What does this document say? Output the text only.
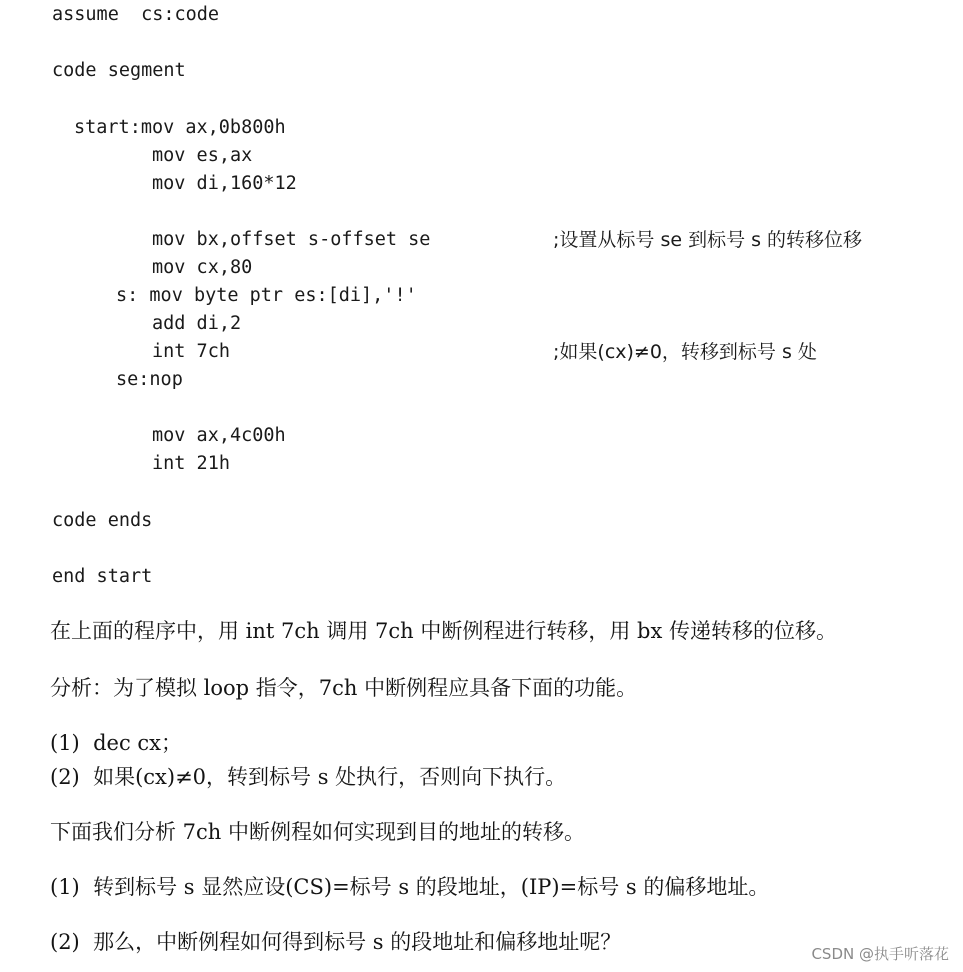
assume  cs:code
code segment
start:mov ax,0b800h
mov es,ax
mov di,160*12
mov bx,offset s-offset se	;设置从标号 se 到标号 s 的转移位移
mov cx,80
s: mov byte ptr es:[di],'!'
add di,2
int 7ch	;如果(cx)≠0，转移到标号 s 处
se:nop
mov ax,4c00h
int 21h
code ends
end start
在上面的程序中，用 int 7ch 调用 7ch 中断例程进行转移，用 bx 传递转移的位移。
分析：为了模拟 loop 指令，7ch 中断例程应具备下面的功能。
(1)  dec cx；
(2)  如果(cx)≠0，转到标号 s 处执行，否则向下执行。
下面我们分析 7ch 中断例程如何实现到目的地址的转移。
(1)  转到标号 s 显然应设(CS)=标号 s 的段地址，(IP)=标号 s 的偏移地址。
(2)  那么，中断例程如何得到标号 s 的段地址和偏移地址呢？	CSDN @执手听落花
